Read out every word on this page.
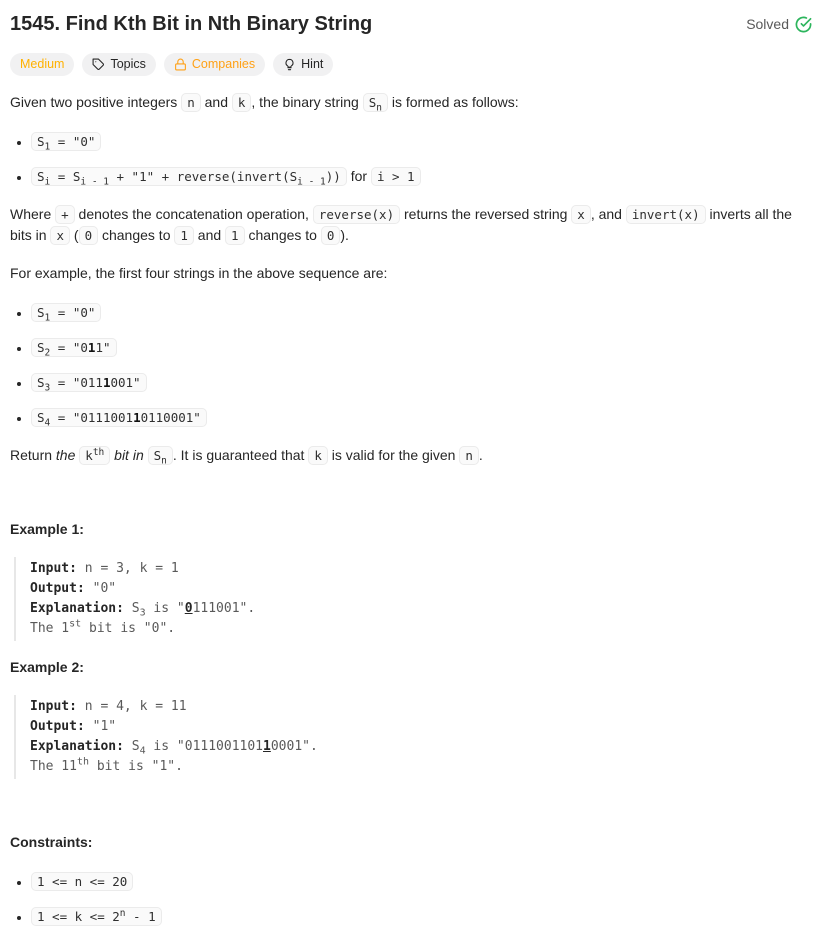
1545. Find Kth Bit in Nth Binary String	Solved
Medium	Topics	Companies	Hint

Given two positive integers n and k , the binary string $S_n$ is formed as follows:

• $S_1$ = "0"
• $S_i = S_{i - 1}$ + "1" + $reverse(invert(S_{i - 1}))$ for i > 1

Where + denotes the concatenation operation, reverse(x) returns the reversed string x , and invert(x) inverts all the bits in x ( 0 changes to 1 and 1 changes to 0 ).

For example, the first four strings in the above sequence are:

• $S_1$ = "0"
• $S_2$ = "011"
• $S_3$ = "0111001"
• $S_4$ = "011100110110001"

Return the $k^{th}$ bit in $S_n$ . It is guaranteed that k is valid for the given n .

Example 1:

Input: n = 3, k = 1
Output: "0"
Explanation: $S_3$ is "0111001".
The 1st bit is "0".

Example 2:

Input: n = 4, k = 11
Output: "1"
Explanation: $S_4$ is "011100110110001".
The 11th bit is "1".

Constraints:

• 1 <= n <= 20
• $1 <= k <= 2^n - 1$
